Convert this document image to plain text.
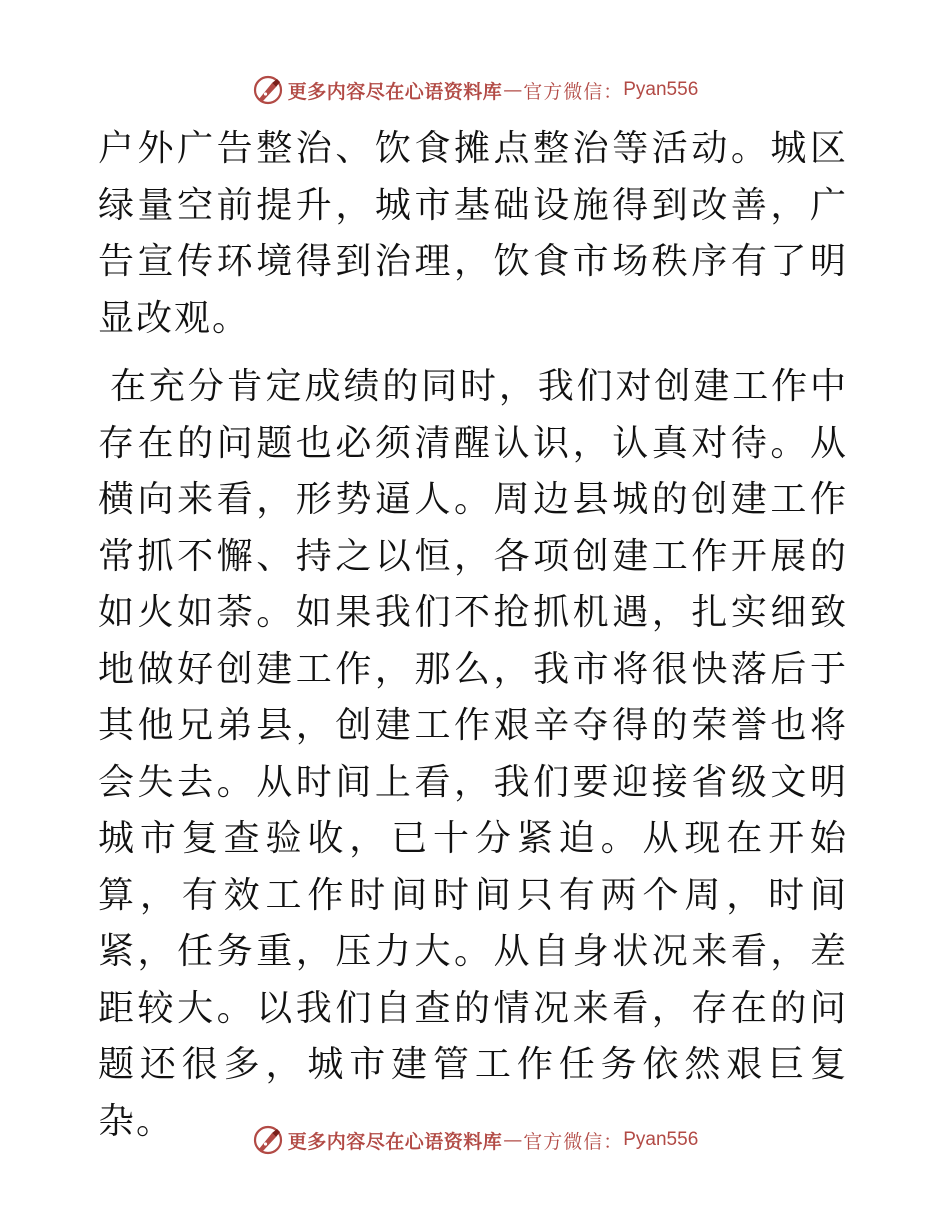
更多内容尽在心语资料库 — 官方微信： Pyan556

户外广告整治、饮食摊点整治等活动。城区绿量空前提升，城市基础设施得到改善，广告宣传环境得到治理，饮食市场秩序有了明显改观。

在充分肯定成绩的同时，我们对创建工作中存在的问题也必须清醒认识，认真对待。从横向来看，形势逼人。周边县城的创建工作常抓不懈、持之以恒，各项创建工作开展的如火如荼。如果我们不抢抓机遇，扎实细致地做好创建工作，那么，我市将很快落后于其他兄弟县，创建工作艰辛夺得的荣誉也将会失去。从时间上看，我们要迎接省级文明城市复查验收，已十分紧迫。从现在开始算，有效工作时间时间只有两个周，时间紧，任务重，压力大。从自身状况来看，差距较大。以我们自查的情况来看，存在的问题还很多，城市建管工作任务依然艰巨复杂。	更多内容尽在心语资料库 — 官方微信： Pyan556
